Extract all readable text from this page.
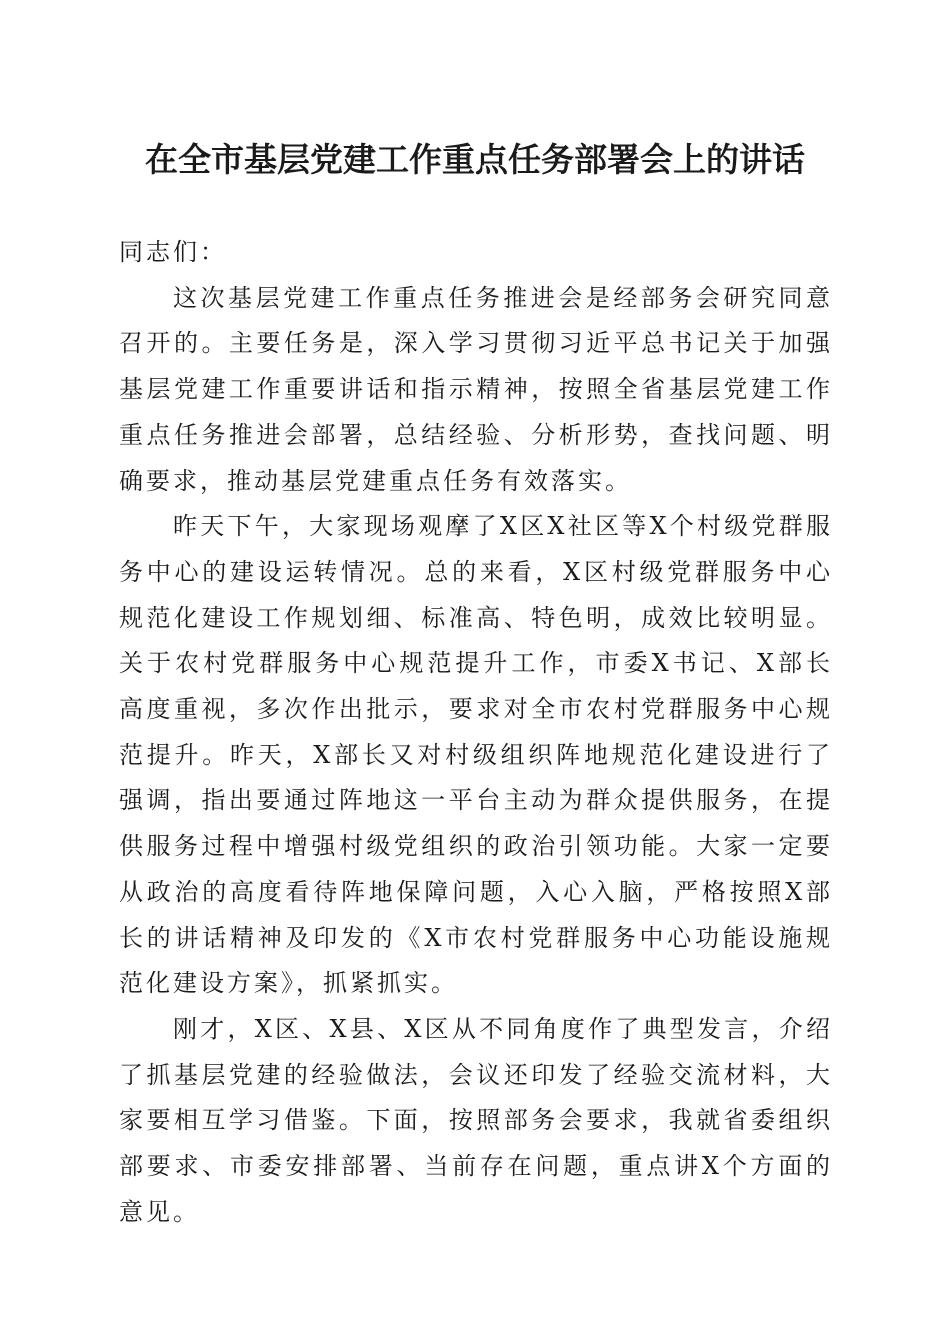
在全市基层党建工作重点任务部署会上的讲话

同志们：

这次基层党建工作重点任务推进会是经部务会研究同意召开的。主要任务是，深入学习贯彻习近平总书记关于加强基层党建工作重要讲话和指示精神，按照全省基层党建工作重点任务推进会部署，总结经验、分析形势，查找问题、明确要求，推动基层党建重点任务有效落实。

昨天下午，大家现场观摩了X区X社区等X个村级党群服务中心的建设运转情况。总的来看，X区村级党群服务中心规范化建设工作规划细、标准高、特色明，成效比较明显。关于农村党群服务中心规范提升工作，市委X书记、X部长高度重视，多次作出批示，要求对全市农村党群服务中心规范提升。昨天，X部长又对村级组织阵地规范化建设进行了强调，指出要通过阵地这一平台主动为群众提供服务，在提供服务过程中增强村级党组织的政治引领功能。大家一定要从政治的高度看待阵地保障问题，入心入脑，严格按照X部长的讲话精神及印发的《X市农村党群服务中心功能设施规范化建设方案》，抓紧抓实。

刚才，X区、X县、X区从不同角度作了典型发言，介绍了抓基层党建的经验做法，会议还印发了经验交流材料，大家要相互学习借鉴。下面，按照部务会要求，我就省委组织部要求、市委安排部署、当前存在问题，重点讲X个方面的意见。
